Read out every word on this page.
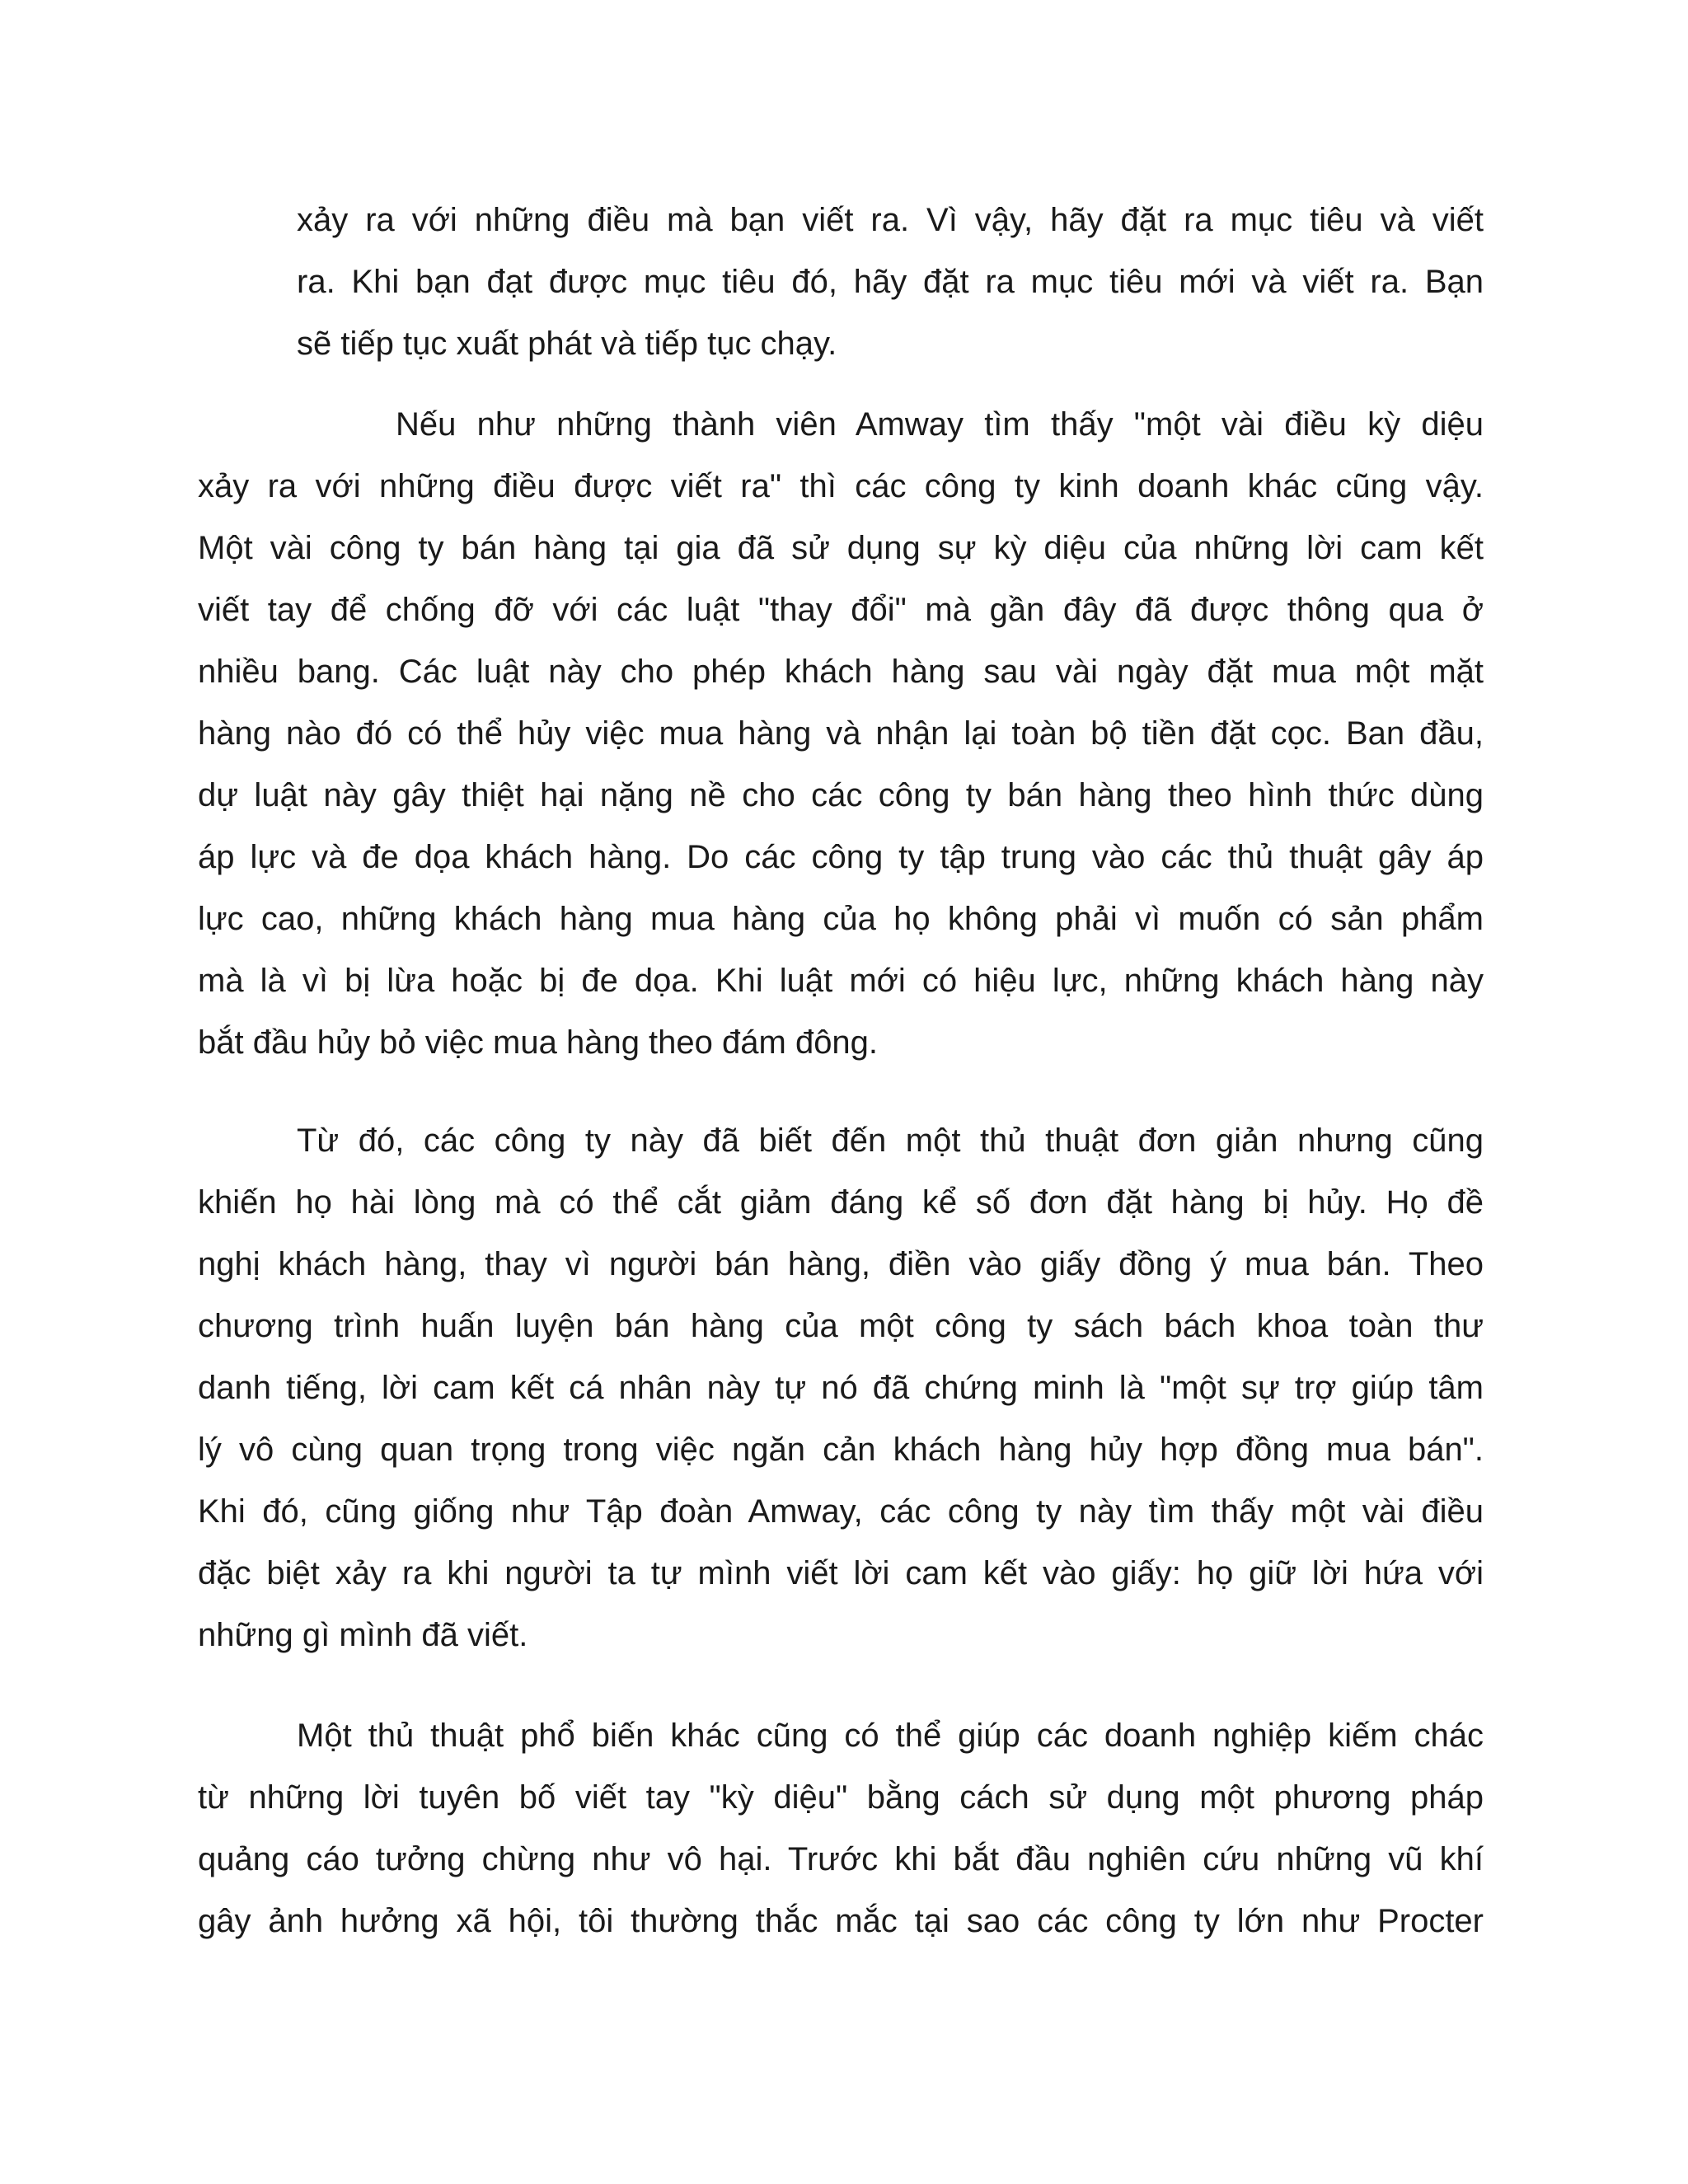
xảy ra với những điều mà bạn viết ra. Vì vậy, hãy đặt ra mục tiêu và viết
ra. Khi bạn đạt được mục tiêu đó, hãy đặt ra mục tiêu mới và viết ra. Bạn
sẽ tiếp tục xuất phát và tiếp tục chạy.
Nếu như những thành viên Amway tìm thấy "một vài điều kỳ diệu
xảy ra với những điều được viết ra" thì các công ty kinh doanh khác cũng vậy.
Một vài công ty bán hàng tại gia đã sử dụng sự kỳ diệu của những lời cam kết
viết tay để chống đỡ với các luật "thay đổi" mà gần đây đã được thông qua ở
nhiều bang. Các luật này cho phép khách hàng sau vài ngày đặt mua một mặt
hàng nào đó có thể hủy việc mua hàng và nhận lại toàn bộ tiền đặt cọc. Ban đầu,
dự luật này gây thiệt hại nặng nề cho các công ty bán hàng theo hình thức dùng
áp lực và đe dọa khách hàng. Do các công ty tập trung vào các thủ thuật gây áp
lực cao, những khách hàng mua hàng của họ không phải vì muốn có sản phẩm
mà là vì bị lừa hoặc bị đe dọa. Khi luật mới có hiệu lực, những khách hàng này
bắt đầu hủy bỏ việc mua hàng theo đám đông.
Từ đó, các công ty này đã biết đến một thủ thuật đơn giản nhưng cũng
khiến họ hài lòng mà có thể cắt giảm đáng kể số đơn đặt hàng bị hủy. Họ đề
nghị khách hàng, thay vì người bán hàng, điền vào giấy đồng ý mua bán. Theo
chương trình huấn luyện bán hàng của một công ty sách bách khoa toàn thư
danh tiếng, lời cam kết cá nhân này tự nó đã chứng minh là "một sự trợ giúp tâm
lý vô cùng quan trọng trong việc ngăn cản khách hàng hủy hợp đồng mua bán".
Khi đó, cũng giống như Tập đoàn Amway, các công ty này tìm thấy một vài điều
đặc biệt xảy ra khi người ta tự mình viết lời cam kết vào giấy: họ giữ lời hứa với
những gì mình đã viết.
Một thủ thuật phổ biến khác cũng có thể giúp các doanh nghiệp kiếm chác
từ những lời tuyên bố viết tay "kỳ diệu" bằng cách sử dụng một phương pháp
quảng cáo tưởng chừng như vô hại. Trước khi bắt đầu nghiên cứu những vũ khí
gây ảnh hưởng xã hội, tôi thường thắc mắc tại sao các công ty lớn như Procter
